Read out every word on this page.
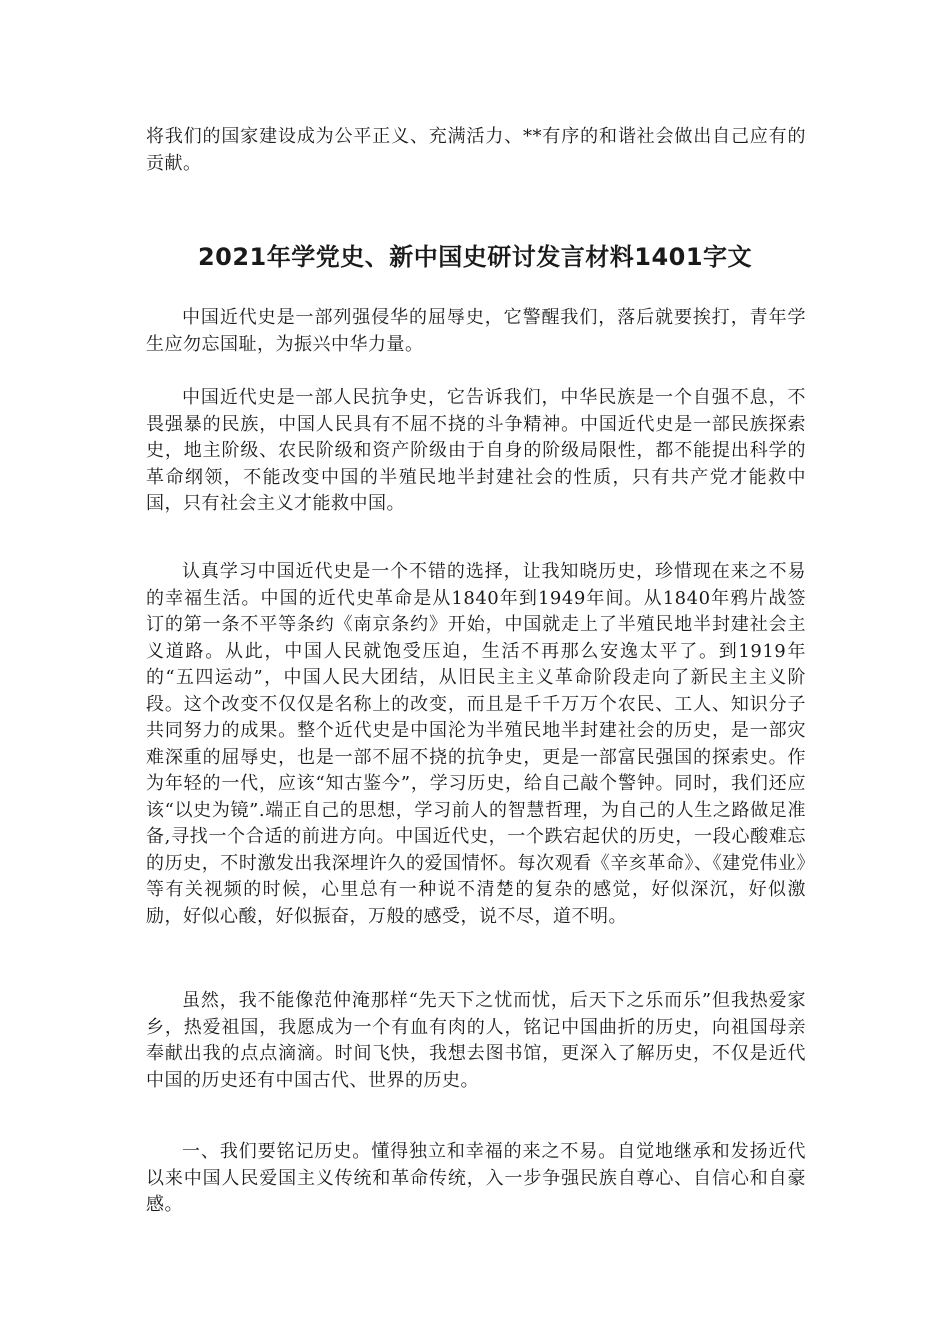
将我们的国家建设成为公平正义、充满活力、**有序的和谐社会做出自己应有的贡献。
2021年学党史、新中国史研讨发言材料1401字文
中国近代史是一部列强侵华的屈辱史，它警醒我们，落后就要挨打，青年学生应勿忘国耻，为振兴中华力量。
中国近代史是一部人民抗争史，它告诉我们，中华民族是一个自强不息，不畏强暴的民族，中国人民具有不屈不挠的斗争精神。中国近代史是一部民族探索史，地主阶级、农民阶级和资产阶级由于自身的阶级局限性，都不能提出科学的革命纲领，不能改变中国的半殖民地半封建社会的性质，只有共产党才能救中国，只有社会主义才能救中国。
认真学习中国近代史是一个不错的选择，让我知晓历史，珍惜现在来之不易的幸福生活。中国的近代史革命是从1840年到1949年间。从1840年鸦片战签订的第一条不平等条约《南京条约》开始，中国就走上了半殖民地半封建社会主义道路。从此，中国人民就饱受压迫，生活不再那么安逸太平了。到1919年的“五四运动”，中国人民大团结，从旧民主主义革命阶段走向了新民主主义阶段。这个改变不仅仅是名称上的改变，而且是千千万万个农民、工人、知识分子共同努力的成果。整个近代史是中国沦为半殖民地半封建社会的历史，是一部灾难深重的屈辱史，也是一部不屈不挠的抗争史，更是一部富民强国的探索史。作为年轻的一代，应该“知古鉴今”，学习历史，给自己敲个警钟。同时，我们还应该“以史为镜”.端正自己的思想，学习前人的智慧哲理，为自己的人生之路做足准备,寻找一个合适的前进方向。中国近代史，一个跌宕起伏的历史，一段心酸难忘的历史，不时激发出我深埋许久的爱国情怀。每次观看《辛亥革命》、《建党伟业》等有关视频的时候，心里总有一种说不清楚的复杂的感觉，好似深沉，好似激励，好似心酸，好似振奋，万般的感受，说不尽，道不明。
虽然，我不能像范仲淹那样“先天下之忧而忧，后天下之乐而乐”但我热爱家乡，热爱祖国，我愿成为一个有血有肉的人，铭记中国曲折的历史，向祖国母亲奉献出我的点点滴滴。时间飞快，我想去图书馆，更深入了解历史，不仅是近代中国的历史还有中国古代、世界的历史。
一、我们要铭记历史。懂得独立和幸福的来之不易。自觉地继承和发扬近代以来中国人民爱国主义传统和革命传统，入一步争强民族自尊心、自信心和自豪感。
